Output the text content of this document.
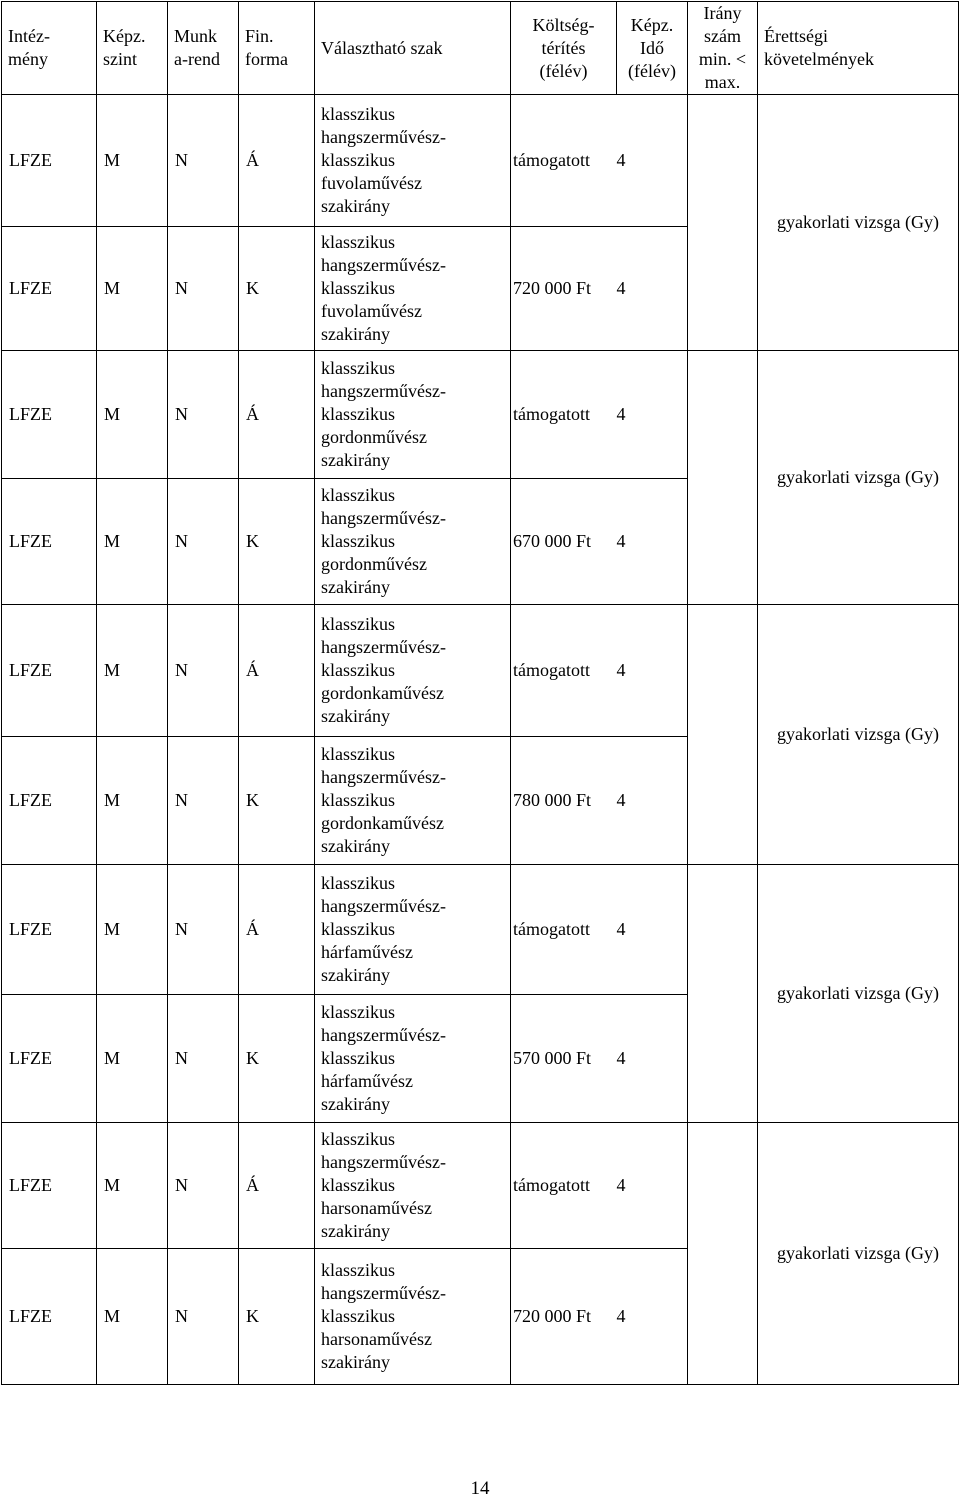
Intéz-
mény	Képz.
szint	Munk
a-rend	Fin.
forma	Választható szak	Költség-
térítés
(félév)	Képz.
Idő
(félév)	Irány
szám
min. <
max.	Érettségi
követelmények
LFZE	M	N	Á	klasszikus
hangszerművész-
klasszikus
fuvolaművész
szakirány	támogatott	4		gyakorlati vizsga (Gy)
LFZE	M	N	K	klasszikus
hangszerművész-
klasszikus
fuvolaművész
szakirány	720 000 Ft	4		
LFZE	M	N	Á	klasszikus
hangszerművész-
klasszikus
gordonművész
szakirány	támogatott	4		gyakorlati vizsga (Gy)
LFZE	M	N	K	klasszikus
hangszerművész-
klasszikus
gordonművész
szakirány	670 000 Ft	4		
LFZE	M	N	Á	klasszikus
hangszerművész-
klasszikus
gordonkaművész
szakirány	támogatott	4		gyakorlati vizsga (Gy)
LFZE	M	N	K	klasszikus
hangszerművész-
klasszikus
gordonkaművész
szakirány	780 000 Ft	4		
LFZE	M	N	Á	klasszikus
hangszerművész-
klasszikus
hárfaművész
szakirány	támogatott	4		gyakorlati vizsga (Gy)
LFZE	M	N	K	klasszikus
hangszerművész-
klasszikus
hárfaművész
szakirány	570 000 Ft	4		
LFZE	M	N	Á	klasszikus
hangszerművész-
klasszikus
harsonaművész
szakirány	támogatott	4		gyakorlati vizsga (Gy)
LFZE	M	N	K	klasszikus
hangszerművész-
klasszikus
harsonaművész
szakirány	720 000 Ft	4		
14
